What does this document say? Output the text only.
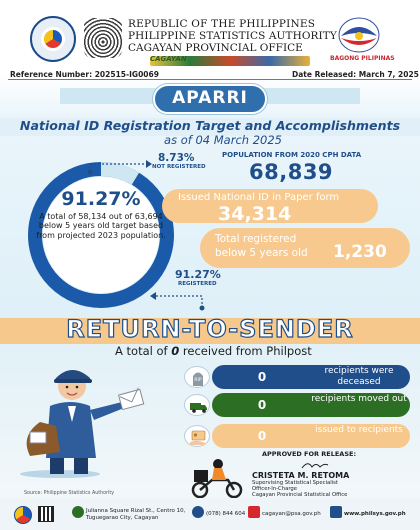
REPUBLIC OF THE PHILIPPINES
PHILIPPINE STATISTICS AUTHORITY
CAGAYAN PROVINCIAL OFFICE
CAGAYAN	BAGONG PILIPINAS
Reference Number: 202515-IG0069	Date Released: March 7, 2025
APARRI
National ID Registration Target and Accomplishments
as of 04 March 2025
91.27%
A total of 58,134 out of 63,694 below 5 years old target based from projected 2023 population.
8.73%
NOT REGISTERED
POPULATION FROM 2020 CPH DATA
68,839
Issued National ID in Paper form
34,314
Total registered below 5 years old	1,230
91.27%
REGISTERED
RETURN-TO-SENDER
A total of 0 received from Philpost
RIP	0	recipients were deceased
0	recipients moved out
0	issued to recipients
APPROVED FOR RELEASE:
CRISTETA M. RETOMA
Supervising Statistical Specialist
Officer-In-Charge
Cagayan Provincial Statistical Office
Source: Philippine Statistics Authority
Julianna Square Rizal St., Centro 10, Tuguegarao City, Cagayan
(078) 844 604	cagayan@psa.gov.ph	www.philsys.gov.ph
